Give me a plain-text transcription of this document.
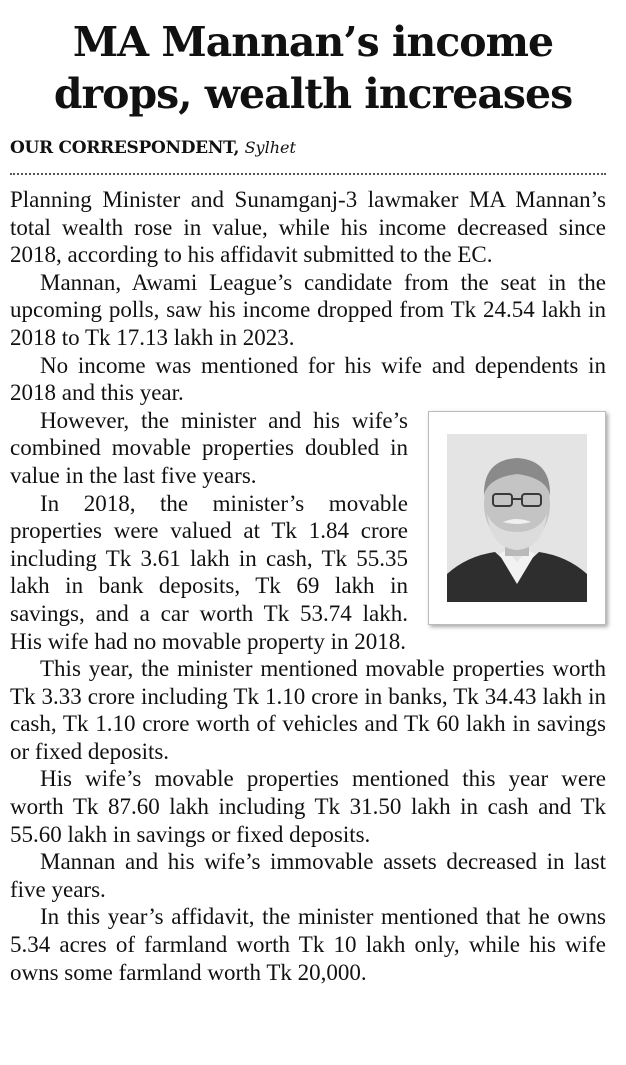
MA Mannan’s income drops, wealth increases
OUR CORRESPONDENT, Sylhet

Planning Minister and Sunamganj-3 lawmaker MA Mannan’s total wealth rose in value, while his income decreased since 2018, according to his affidavit submitted to the EC.

Mannan, Awami League’s candidate from the seat in the upcoming polls, saw his income dropped from Tk 24.54 lakh in 2018 to Tk 17.13 lakh in 2023.

No income was mentioned for his wife and dependents in 2018 and this year.

However, the minister and his wife’s combined movable properties doubled in value in the last five years.

In 2018, the minister’s movable properties were valued at Tk 1.84 crore including Tk 3.61 lakh in cash, Tk 55.35 lakh in bank deposits, Tk 69 lakh in savings, and a car worth Tk 53.74 lakh. His wife had no movable property in 2018.

This year, the minister mentioned movable properties worth Tk 3.33 crore including Tk 1.10 crore in banks, Tk 34.43 lakh in cash, Tk 1.10 crore worth of vehicles and Tk 60 lakh in savings or fixed deposits.

His wife’s movable properties mentioned this year were worth Tk 87.60 lakh including Tk 31.50 lakh in cash and Tk 55.60 lakh in savings or fixed deposits.

Mannan and his wife’s immovable assets decreased in last five years.

In this year’s affidavit, the minister mentioned that he owns 5.34 acres of farmland worth Tk 10 lakh only, while his wife owns some farmland worth Tk 20,000.
